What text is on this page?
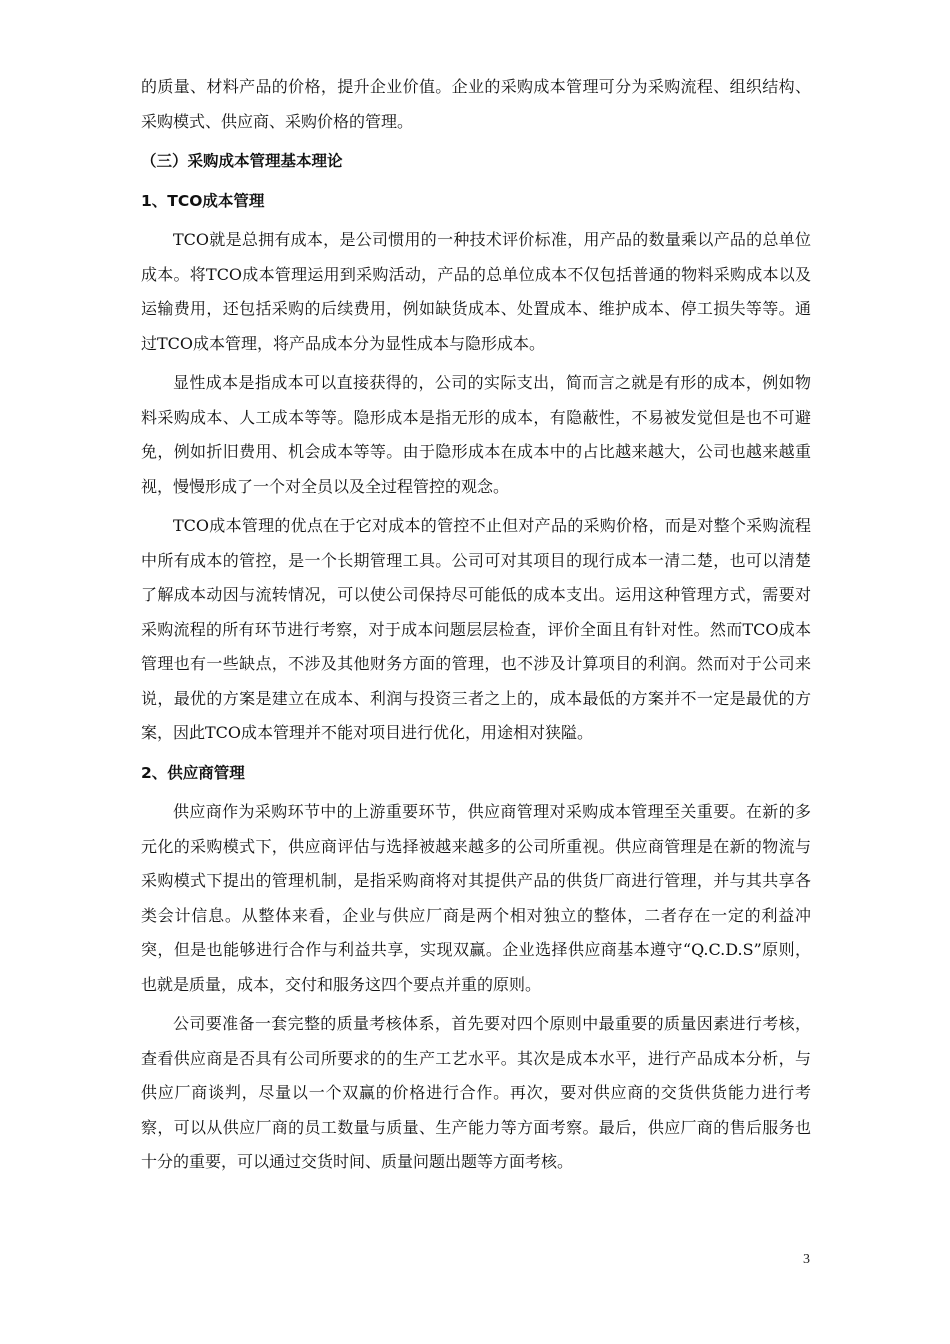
的质量、材料产品的价格，提升企业价值。企业的采购成本管理可分为采购流程、组织结构、采购模式、供应商、采购价格的管理。

（三）采购成本管理基本理论

1、TCO成本管理

TCO就是总拥有成本，是公司惯用的一种技术评价标准，用产品的数量乘以产品的总单位成本。将TCO成本管理运用到采购活动，产品的总单位成本不仅包括普通的物料采购成本以及运输费用，还包括采购的后续费用，例如缺货成本、处置成本、维护成本、停工损失等等。通过TCO成本管理，将产品成本分为显性成本与隐形成本。

显性成本是指成本可以直接获得的，公司的实际支出，简而言之就是有形的成本，例如物料采购成本、人工成本等等。隐形成本是指无形的成本，有隐蔽性，不易被发觉但是也不可避免，例如折旧费用、机会成本等等。由于隐形成本在成本中的占比越来越大，公司也越来越重视，慢慢形成了一个对全员以及全过程管控的观念。

TCO成本管理的优点在于它对成本的管控不止但对产品的采购价格，而是对整个采购流程中所有成本的管控，是一个长期管理工具。公司可对其项目的现行成本一清二楚，也可以清楚了解成本动因与流转情况，可以使公司保持尽可能低的成本支出。运用这种管理方式，需要对采购流程的所有环节进行考察，对于成本问题层层检查，评价全面且有针对性。然而TCO成本管理也有一些缺点，不涉及其他财务方面的管理，也不涉及计算项目的利润。然而对于公司来说，最优的方案是建立在成本、利润与投资三者之上的，成本最低的方案并不一定是最优的方案，因此TCO成本管理并不能对项目进行优化，用途相对狭隘。

2、供应商管理

供应商作为采购环节中的上游重要环节，供应商管理对采购成本管理至关重要。在新的多元化的采购模式下，供应商评估与选择被越来越多的公司所重视。供应商管理是在新的物流与采购模式下提出的管理机制，是指采购商将对其提供产品的供货厂商进行管理，并与其共享各类会计信息。从整体来看，企业与供应厂商是两个相对独立的整体，二者存在一定的利益冲突，但是也能够进行合作与利益共享，实现双赢。企业选择供应商基本遵守“Q.C.D.S”原则，也就是质量，成本，交付和服务这四个要点并重的原则。

公司要准备一套完整的质量考核体系，首先要对四个原则中最重要的质量因素进行考核，查看供应商是否具有公司所要求的的生产工艺水平。其次是成本水平，进行产品成本分析，与供应厂商谈判，尽量以一个双赢的价格进行合作。再次，要对供应商的交货供货能力进行考察，可以从供应厂商的员工数量与质量、生产能力等方面考察。最后，供应厂商的售后服务也十分的重要，可以通过交货时间、质量问题出题等方面考核。

3
